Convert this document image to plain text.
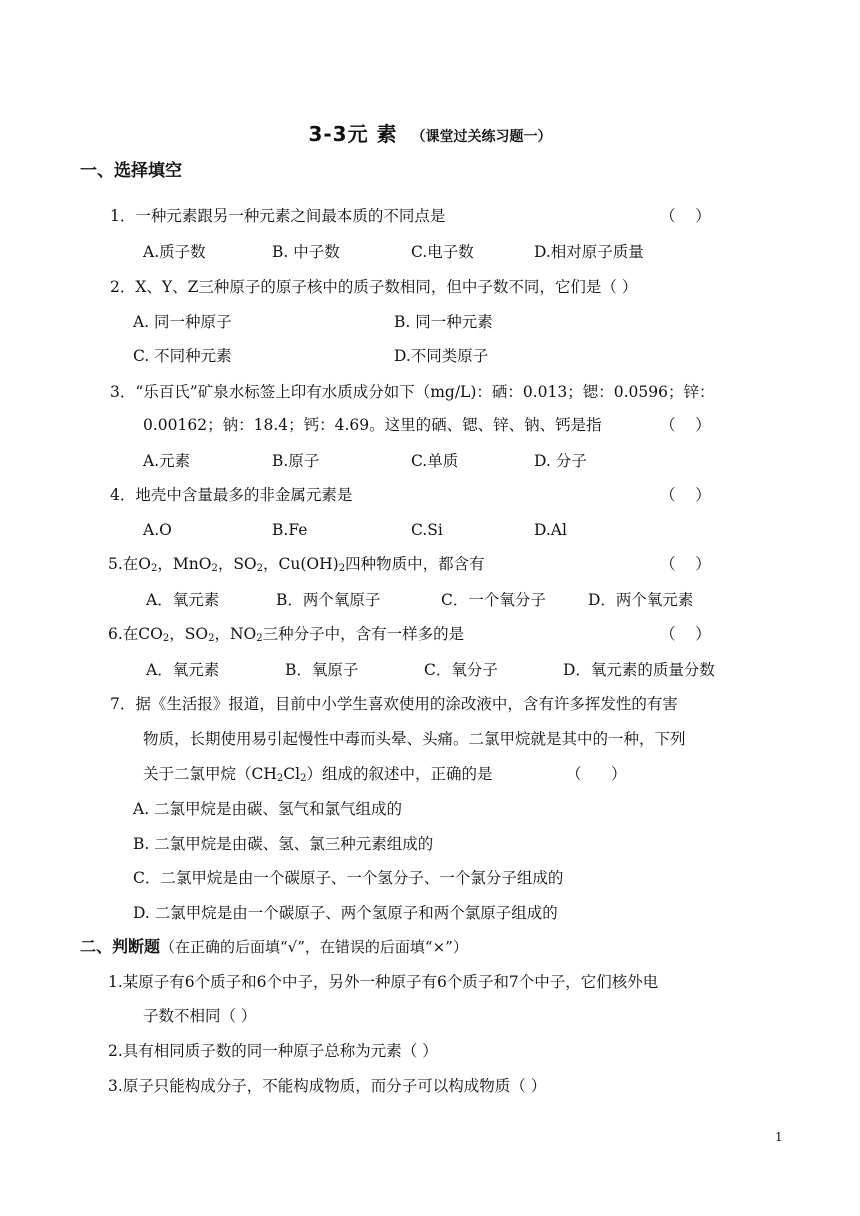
3-3元 素 （课堂过关练习题一）
一、选择填空
1．一种元素跟另一种元素之间最本质的不同点是	（    ）
A.质子数	B. 中子数	C.电子数	D.相对原子质量
2．X、Y、Z三种原子的原子核中的质子数相同，但中子数不同，它们是（ ）
A. 同一种原子	B. 同一种元素
C. 不同种元素	D.不同类原子
3．“乐百氏”矿泉水标签上印有水质成分如下（mg/L)：硒：0.013；锶：0.0596；锌：
0.00162；钠：18.4；钙：4.69。这里的硒、锶、锌、钠、钙是指	（    ）
A.元素	B.原子	C.单质	D. 分子
4．地壳中含量最多的非金属元素是	（    ）
A.O	B.Fe	C.Si	D.Al
5.在$O_2$，MnO$_2$，$SO_2$，$Cu(OH)_2$四种物质中，都含有	（    ）
A．氧元素	B．两个氧原子	C．一个氧分子	D．两个氧元素
6.在$CO_2$，$SO_2$，$NO_2$三种分子中，含有一样多的是	（    ）
A．氧元素	B．氧原子	C．氧分子	D．氧元素的质量分数
7．据《生活报》报道，目前中小学生喜欢使用的涂改液中，含有许多挥发性的有害
物质，长期使用易引起慢性中毒而头晕、头痛。二氯甲烷就是其中的一种，下列
关于二氯甲烷$(CH_2Cl_2)$组成的叙述中，正确的是	（      ）
A. 二氯甲烷是由碳、氢气和氯气组成的
B. 二氯甲烷是由碳、氢、氯三种元素组成的
C．二氯甲烷是由一个碳原子、一个氢分子、一个氯分子组成的
D. 二氯甲烷是由一个碳原子、两个氢原子和两个氯原子组成的
二、判断题（在正确的后面填“√”，在错误的后面填“×”）
1.某原子有6个质子和6个中子，另外一种原子有6个质子和7个中子，它们核外电
子数不相同（ ）
2.具有相同质子数的同一种原子总称为元素（ ）
3.原子只能构成分子，不能构成物质，而分子可以构成物质（ ）
1
